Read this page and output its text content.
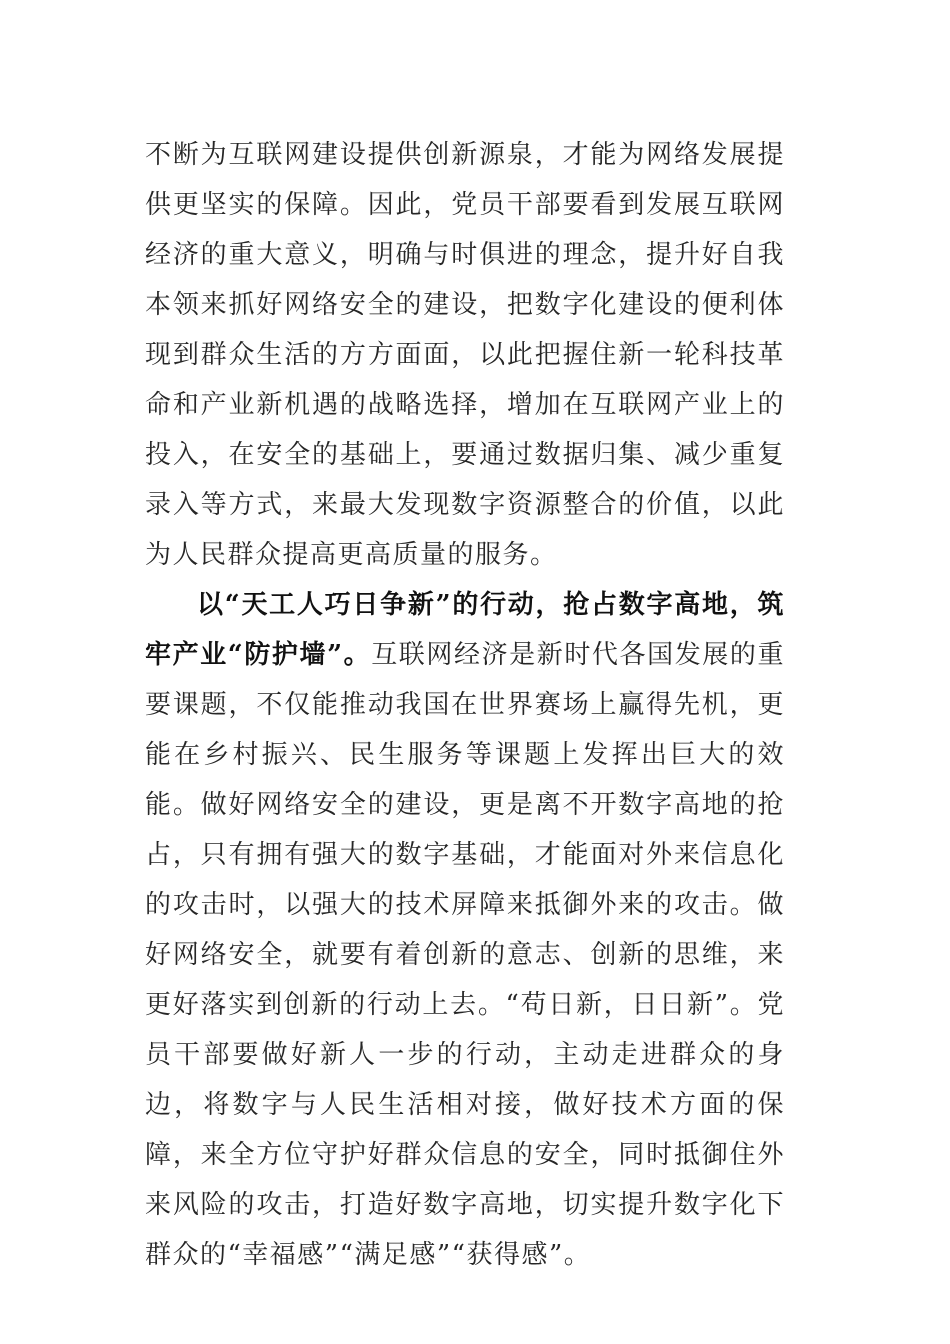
不断为互联网建设提供创新源泉，才能为网络发展提供更坚实的保障。因此，党员干部要看到发展互联网经济的重大意义，明确与时俱进的理念，提升好自我本领来抓好网络安全的建设，把数字化建设的便利体现到群众生活的方方面面，以此把握住新一轮科技革命和产业新机遇的战略选择，增加在互联网产业上的投入，在安全的基础上，要通过数据归集、减少重复录入等方式，来最大发现数字资源整合的价值，以此为人民群众提高更高质量的服务。

以“天工人巧日争新”的行动，抢占数字高地，筑牢产业“防护墙”。互联网经济是新时代各国发展的重要课题，不仅能推动我国在世界赛场上赢得先机，更能在乡村振兴、民生服务等课题上发挥出巨大的效能。做好网络安全的建设，更是离不开数字高地的抢占，只有拥有强大的数字基础，才能面对外来信息化的攻击时，以强大的技术屏障来抵御外来的攻击。做好网络安全，就要有着创新的意志、创新的思维，来更好落实到创新的行动上去。“苟日新，日日新”。党员干部要做好新人一步的行动，主动走进群众的身边，将数字与人民生活相对接，做好技术方面的保障，来全方位守护好群众信息的安全，同时抵御住外来风险的攻击，打造好数字高地，切实提升数字化下群众的“幸福感”“满足感”“获得感”。
